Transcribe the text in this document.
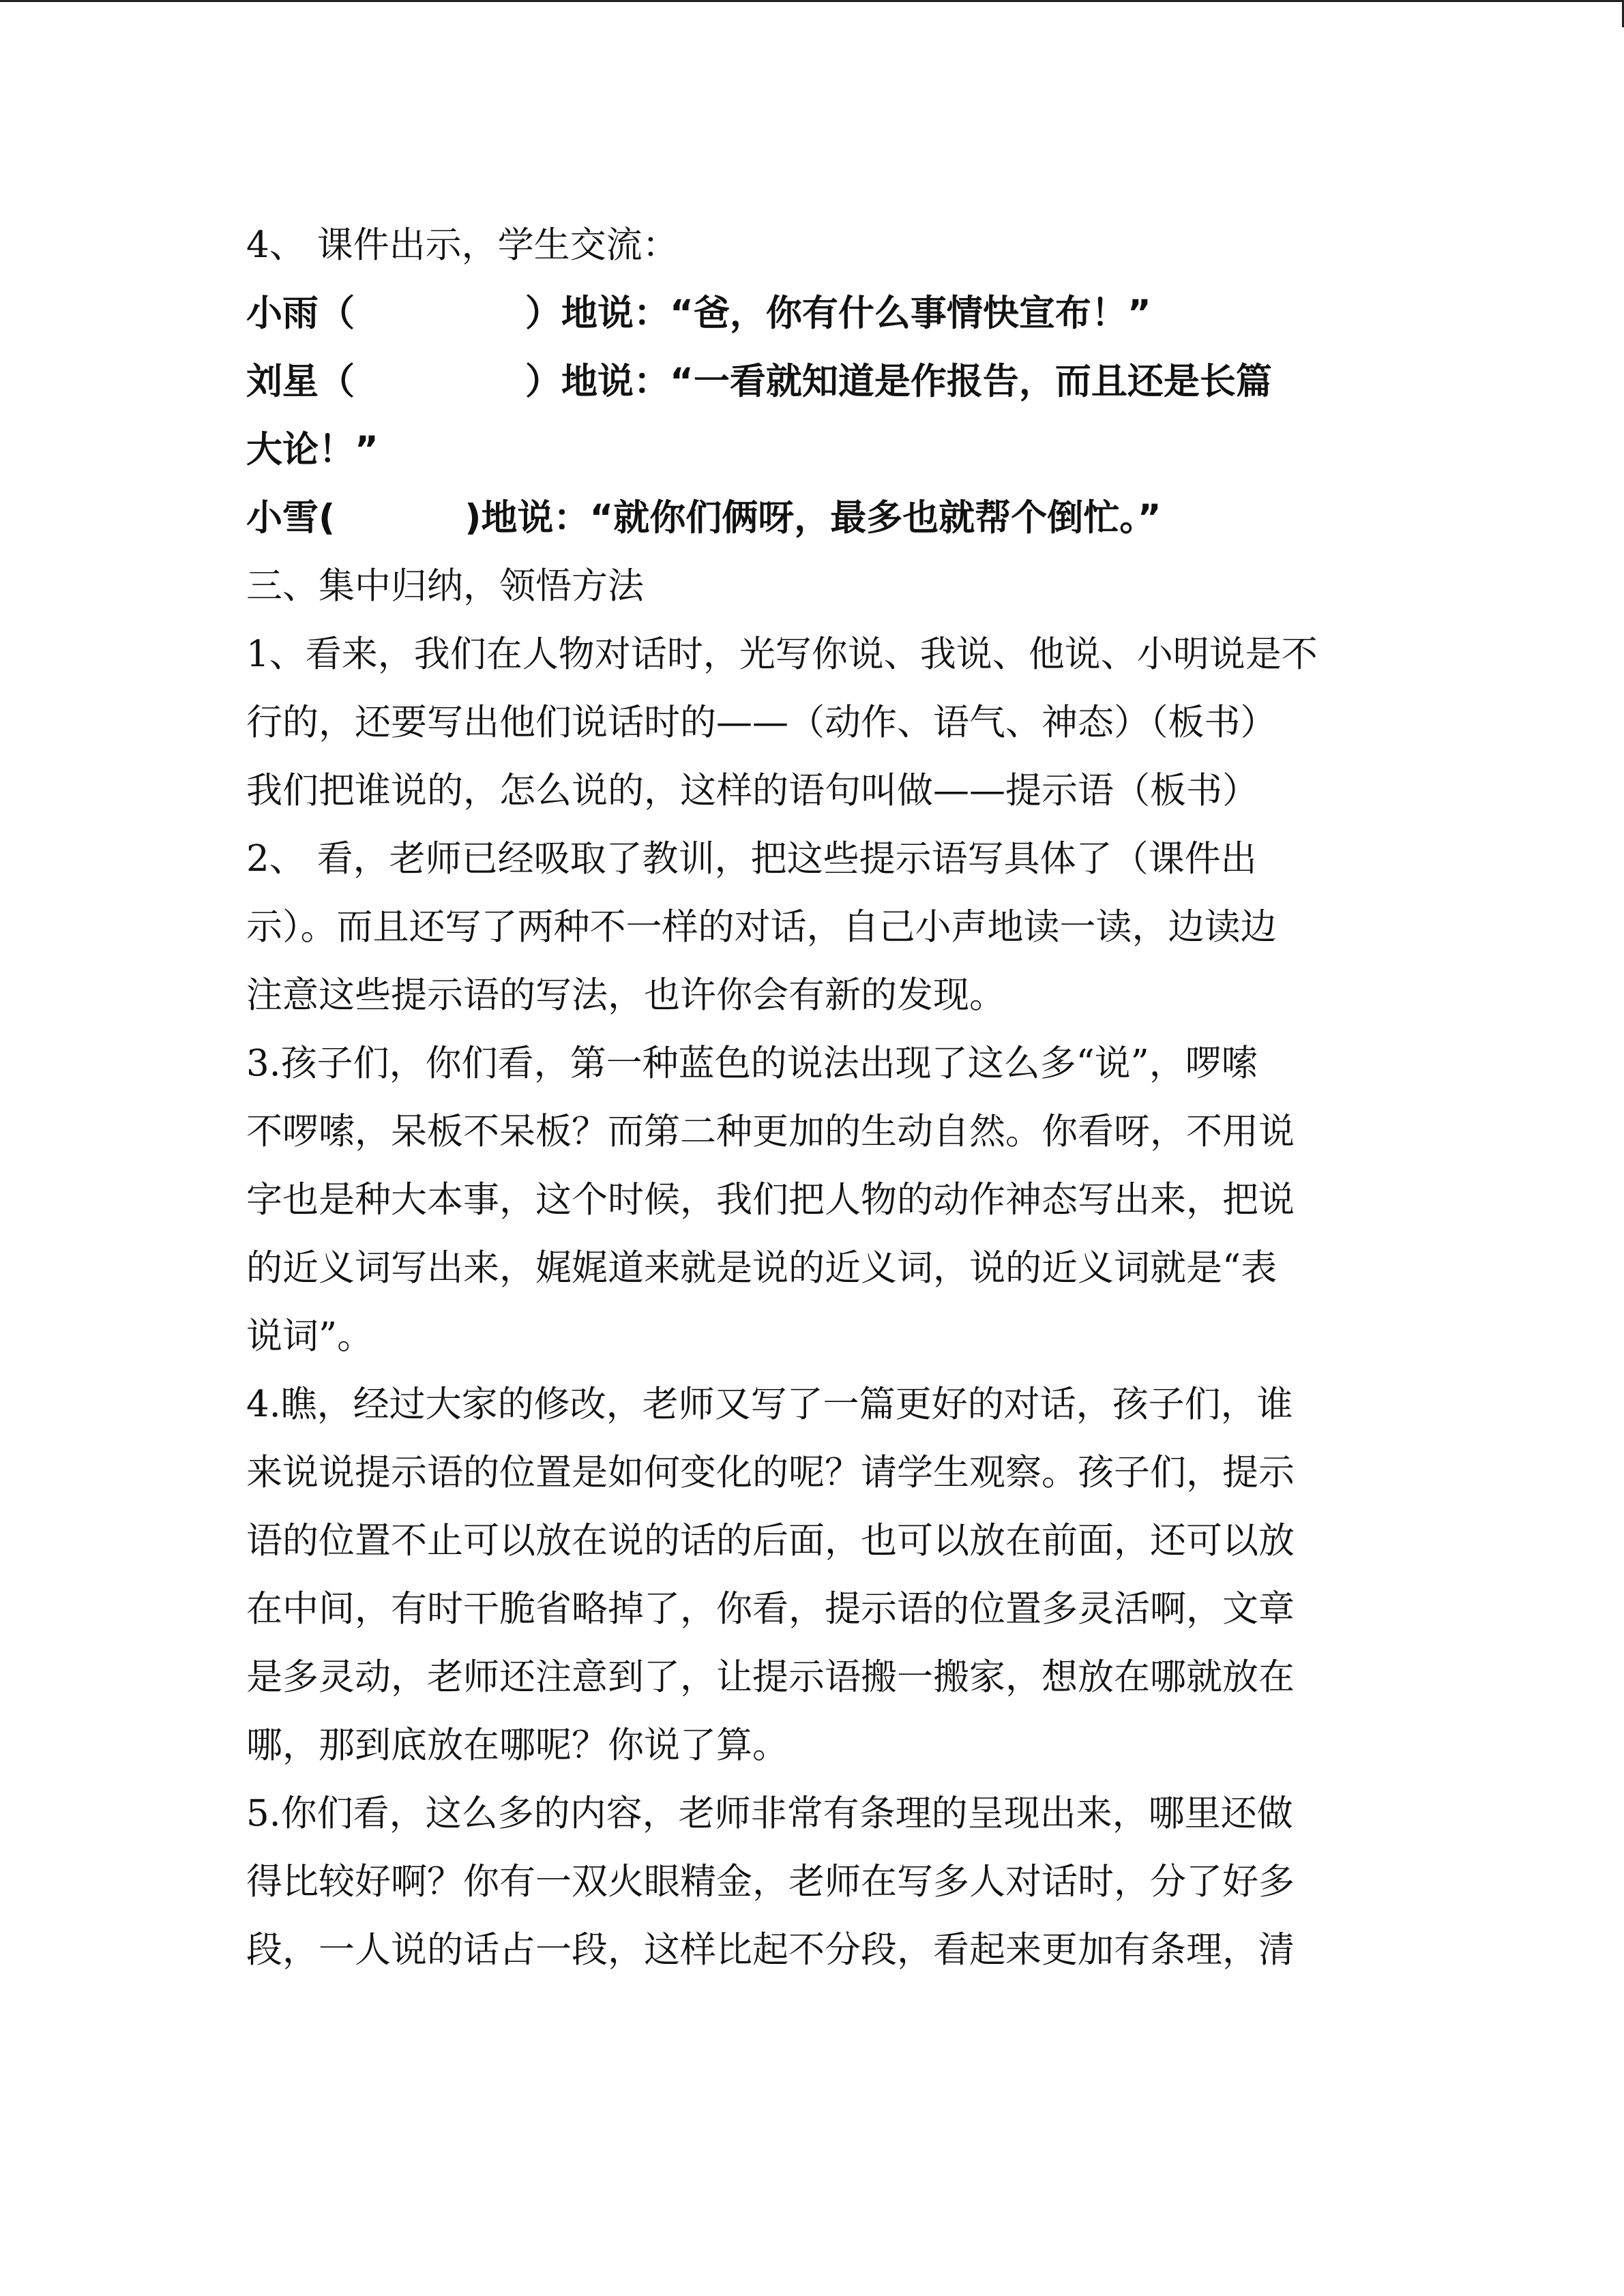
4、 课件出示，学生交流：
小雨（	）地说：“爸，你有什么事情快宣布！”
刘星（	）地说：“一看就知道是作报告，而且还是长篇
大论！”
小雪(	)地说：“就你们俩呀，最多也就帮个倒忙。”
三、集中归纳，领悟方法
1、看来，我们在人物对话时，光写你说、我说、他说、小明说是不
行的，还要写出他们说话时的——（动作、语气、神态）（板书）
我们把谁说的，怎么说的，这样的语句叫做——提示语（板书）
2、 看，老师已经吸取了教训，把这些提示语写具体了（课件出
示）。而且还写了两种不一样的对话，自己小声地读一读，边读边
注意这些提示语的写法，也许你会有新的发现。
3.孩子们，你们看，第一种蓝色的说法出现了这么多“说”，啰嗦
不啰嗦，呆板不呆板？而第二种更加的生动自然。你看呀，不用说
字也是种大本事，这个时候，我们把人物的动作神态写出来，把说
的近义词写出来，娓娓道来就是说的近义词，说的近义词就是“表
说词”。
4.瞧，经过大家的修改，老师又写了一篇更好的对话，孩子们，谁
来说说提示语的位置是如何变化的呢？请学生观察。孩子们，提示
语的位置不止可以放在说的话的后面，也可以放在前面，还可以放
在中间，有时干脆省略掉了，你看，提示语的位置多灵活啊，文章
是多灵动，老师还注意到了，让提示语搬一搬家，想放在哪就放在
哪，那到底放在哪呢？你说了算。
5.你们看，这么多的内容，老师非常有条理的呈现出来，哪里还做
得比较好啊？你有一双火眼精金，老师在写多人对话时，分了好多
段，一人说的话占一段，这样比起不分段，看起来更加有条理，清
